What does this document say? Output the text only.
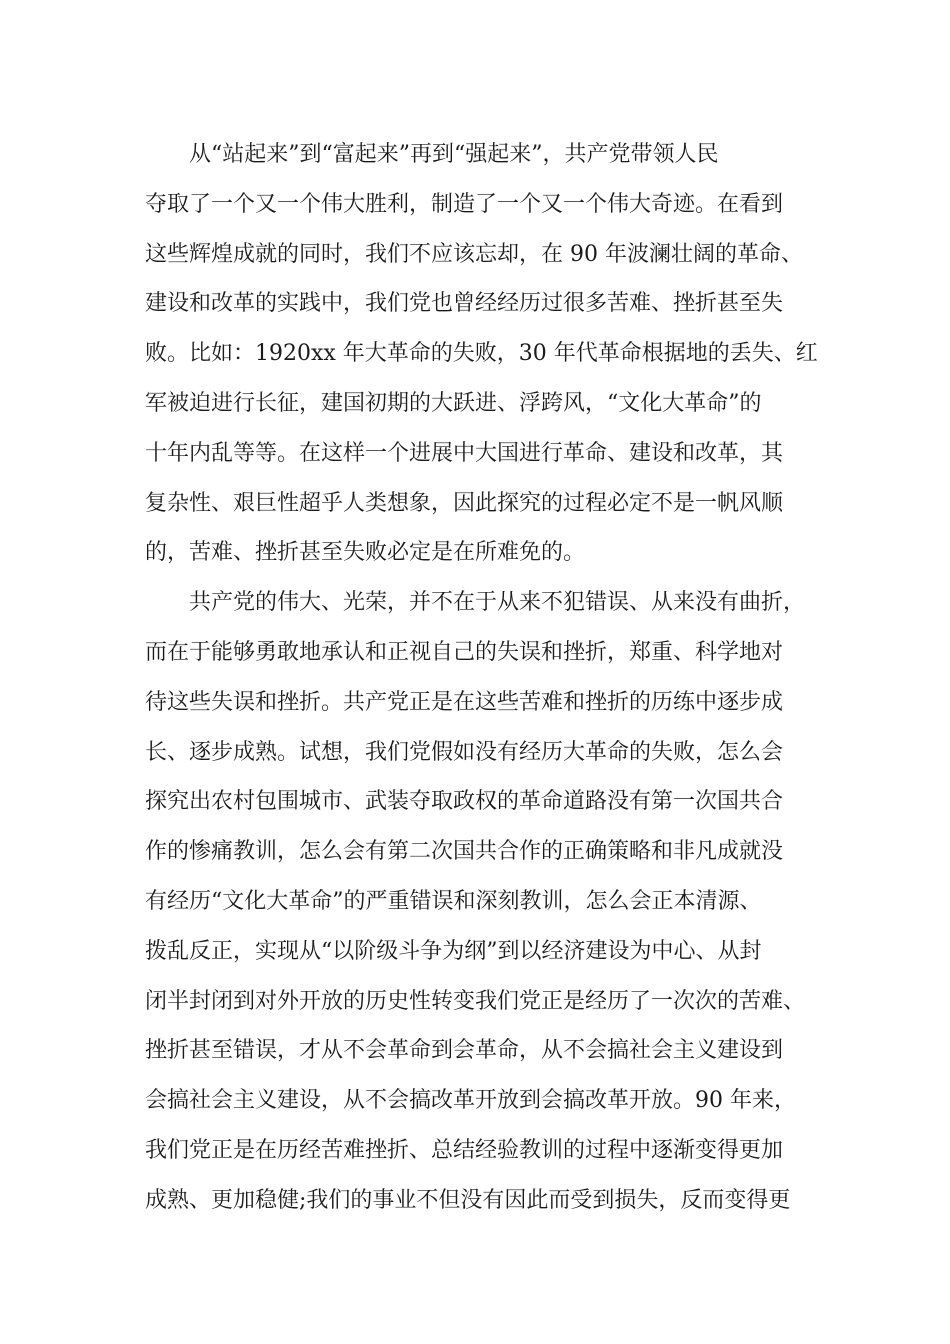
从“站起来”到“富起来”再到“强起来”，共产党带领人民
夺取了一个又一个伟大胜利，制造了一个又一个伟大奇迹。在看到
这些辉煌成就的同时，我们不应该忘却，在 90 年波澜壮阔的革命、
建设和改革的实践中，我们党也曾经经历过很多苦难、挫折甚至失
败。比如：1920xx 年大革命的失败，30 年代革命根据地的丢失、红
军被迫进行长征，建国初期的大跃进、浮跨风，“文化大革命”的
十年内乱等等。在这样一个进展中大国进行革命、建设和改革，其
复杂性、艰巨性超乎人类想象，因此探究的过程必定不是一帆风顺
的，苦难、挫折甚至失败必定是在所难免的。
共产党的伟大、光荣，并不在于从来不犯错误、从来没有曲折，
而在于能够勇敢地承认和正视自己的失误和挫折，郑重、科学地对
待这些失误和挫折。共产党正是在这些苦难和挫折的历练中逐步成
长、逐步成熟。试想，我们党假如没有经历大革命的失败，怎么会
探究出农村包围城市、武装夺取政权的革命道路没有第一次国共合
作的惨痛教训，怎么会有第二次国共合作的正确策略和非凡成就没
有经历“文化大革命”的严重错误和深刻教训，怎么会正本清源、
拨乱反正，实现从“以阶级斗争为纲”到以经济建设为中心、从封
闭半封闭到对外开放的历史性转变我们党正是经历了一次次的苦难、
挫折甚至错误，才从不会革命到会革命，从不会搞社会主义建设到
会搞社会主义建设，从不会搞改革开放到会搞改革开放。90 年来，
我们党正是在历经苦难挫折、总结经验教训的过程中逐渐变得更加
成熟、更加稳健;我们的事业不但没有因此而受到损失，反而变得更
